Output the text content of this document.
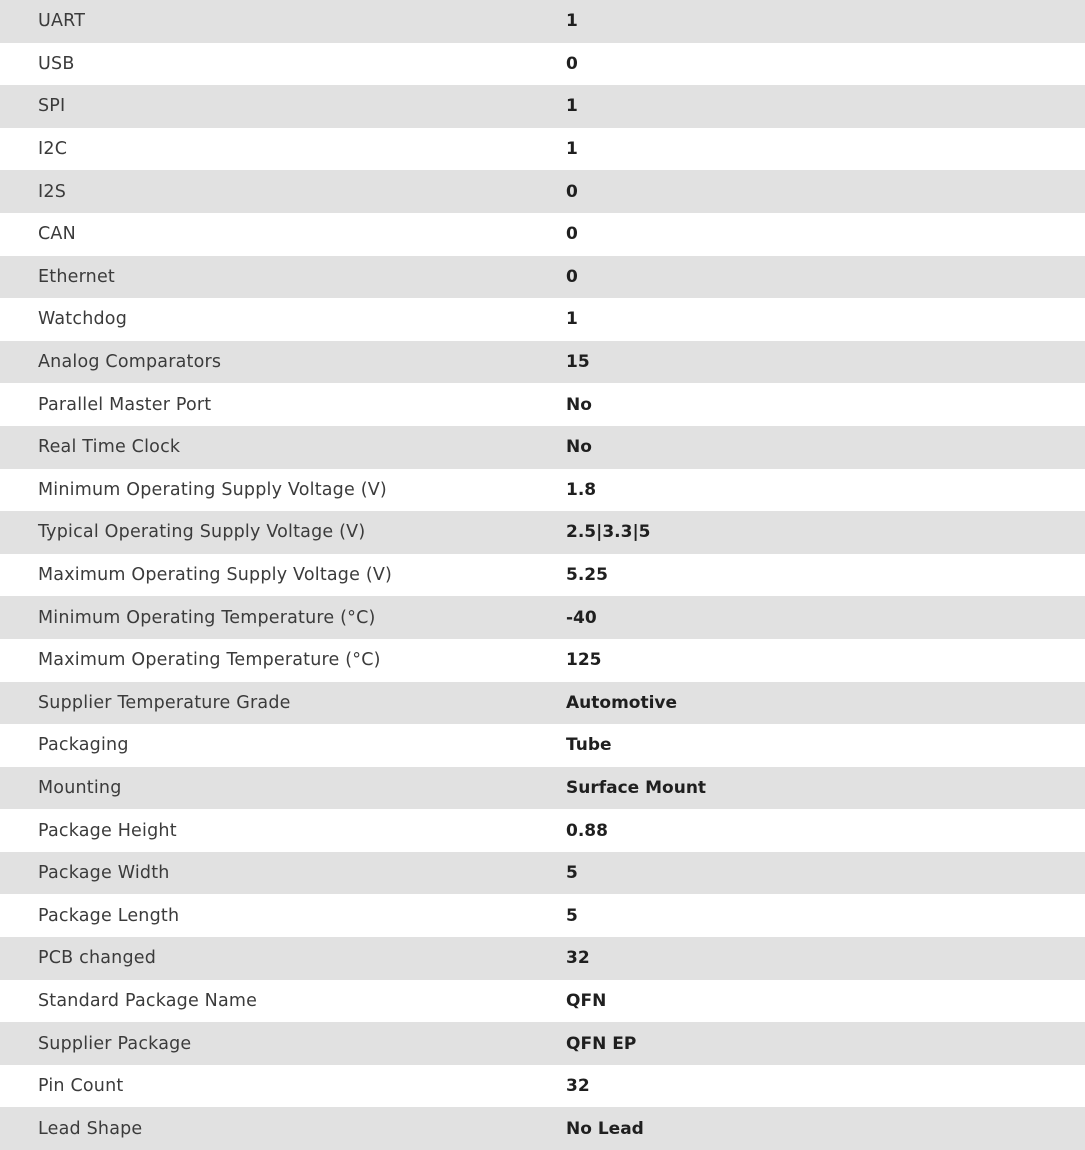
UART	1
USB	0
SPI	1
I2C	1
I2S	0
CAN	0
Ethernet	0
Watchdog	1
Analog Comparators	15
Parallel Master Port	No
Real Time Clock	No
Minimum Operating Supply Voltage (V)	1.8
Typical Operating Supply Voltage (V)	2.5|3.3|5
Maximum Operating Supply Voltage (V)	5.25
Minimum Operating Temperature (°C)	-40
Maximum Operating Temperature (°C)	125
Supplier Temperature Grade	Automotive
Packaging	Tube
Mounting	Surface Mount
Package Height	0.88
Package Width	5
Package Length	5
PCB changed	32
Standard Package Name	QFN
Supplier Package	QFN EP
Pin Count	32
Lead Shape	No Lead
